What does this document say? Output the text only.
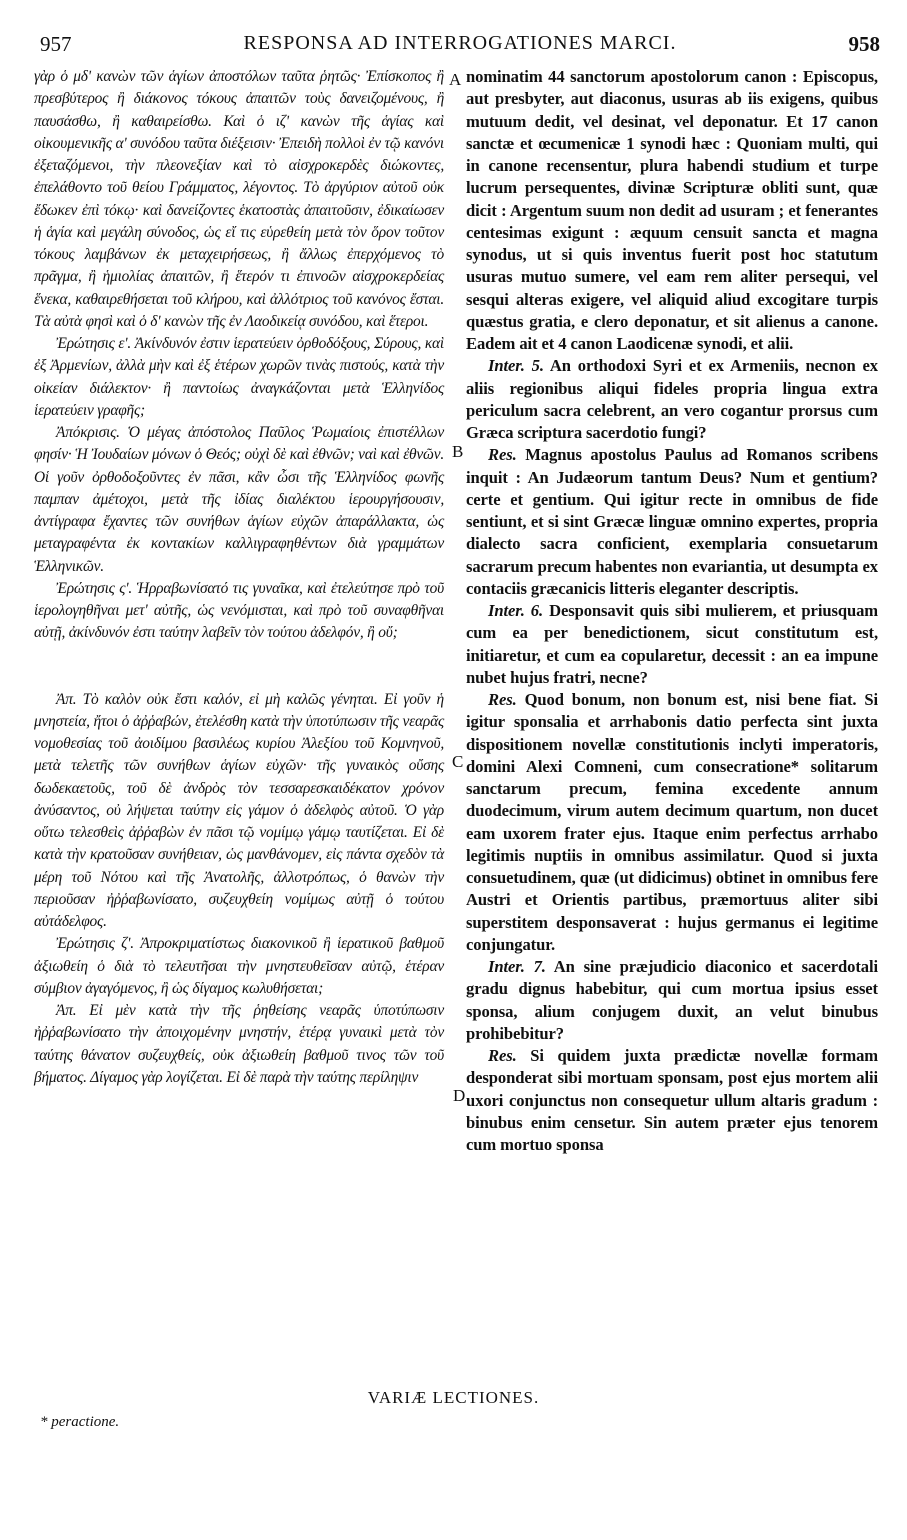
957	RESPONSA AD INTERROGATIONES MARCI.	958

γὰρ ὁ μδʹ κανὼν τῶν ἁγίων ἀποστόλων ταῦτα ῥητῶς· Ἐπίσκοπος ἢ πρεσβύτερος ἢ διάκονος τόκους ἀπαιτῶν τοὺς δανειζομένους, ἢ παυσάσθω, ἢ καθαιρείσθω. Καὶ ὁ ιζʹ κανὼν τῆς ἁγίας καὶ οἰκουμενικῆς αʹ συνόδου ταῦτα διέξεισιν· Ἐπειδὴ πολλοὶ ἐν τῷ κανόνι ἐξεταζόμενοι, τὴν πλεονεξίαν καὶ τὸ αἰσχροκερδὲς διώκοντες, ἐπελάθοντο τοῦ θείου Γράμματος, λέγοντος. Τὸ ἀργύριον αὐτοῦ οὐκ ἔδωκεν ἐπὶ τόκῳ· καὶ δανείζοντες ἑκατοστὰς ἀπαιτοῦσιν, ἐδικαίωσεν ἡ ἁγία καὶ μεγάλη σύνοδος, ὡς εἴ τις εὑρεθείη μετὰ τὸν ὅρον τοῦτον τόκους λαμβάνων ἐκ μεταχειρήσεως, ἢ ἄλλως ἐπερχόμενος τὸ πρᾶγμα, ἢ ἡμιολίας ἀπαιτῶν, ἢ ἕτερόν τι ἐπινοῶν αἰσχροκερδείας ἕνεκα, καθαιρεθήσεται τοῦ κλήρου, καὶ ἀλλότριος τοῦ κανόνος ἔσται. Τὰ αὐτὰ φησὶ καὶ ὁ δʹ κανὼν τῆς ἐν Λαοδικείᾳ συνόδου, καὶ ἕτεροι.

Ἐρώτησις εʹ. Ἀκίνδυνόν ἐστιν ἱερατεύειν ὀρθοδόξους, Σύρους, καὶ ἐξ Ἀρμενίων, ἀλλὰ μὴν καὶ ἐξ ἑτέρων χωρῶν τινὰς πιστούς, κατὰ τὴν οἰκείαν διάλεκτον· ἢ παντοίως ἀναγκάζονται μετὰ Ἑλληνίδος ἱερατεύειν γραφῆς;

Ἀπόκρισις. Ὁ μέγας ἀπόστολος Παῦλος Ῥωμαίοις ἐπιστέλλων φησίν· Ἡ Ἰουδαίων μόνων ὁ Θεός; οὐχὶ δὲ καὶ ἐθνῶν; ναὶ καὶ ἐθνῶν. Οἱ γοῦν ὀρθοδοξοῦντες ἐν πᾶσι, κἂν ὦσι τῆς Ἑλληνίδος φωνῆς παμπαν ἀμέτοχοι, μετὰ τῆς ἰδίας διαλέκτου ἱερουργήσουσιν, ἀντίγραφα ἔχαντες τῶν συνήθων ἁγίων εὐχῶν ἀπαράλλακτα, ὡς μεταγραφέντα ἐκ κοντακίων καλλιγραφηθέντων διὰ γραμμάτων Ἑλληνικῶν.

Ἐρώτησις ςʹ. Ἡρραβωνίσατό τις γυναῖκα, καὶ ἐτελεύτησε πρὸ τοῦ ἱερολογηθῆναι μετ' αὐτῆς, ὡς νενόμισται, καὶ πρὸ τοῦ συναφθῆναι αὐτῇ, ἀκίνδυνόν ἐστι ταύτην λαβεῖν τὸν τούτου ἀδελφόν, ἢ οὔ;

Ἀπ. Τὸ καλὸν οὐκ ἔστι καλόν, εἰ μὴ καλῶς γένηται. Εἰ γοῦν ἡ μνηστεία, ἤτοι ὁ ἀῤῥαβών, ἐτελέσθη κατὰ τὴν ὑποτύπωσιν τῆς νεαρᾶς νομοθεσίας τοῦ ἀοιδίμου βασιλέως κυρίου Ἀλεξίου τοῦ Κομνηνοῦ, μετὰ τελετῆς τῶν συνήθων ἁγίων εὐχῶν· τῆς γυναικὸς οὔσης δωδεκαετοῦς, τοῦ δὲ ἀνδρὸς τὸν τεσσαρεσκαιδέκατον χρόνον ἀνύσαντος, οὐ λήψεται ταύτην εἰς γάμον ὁ ἀδελφὸς αὐτοῦ. Ὁ γὰρ οὕτω τελεσθεὶς ἀῤῥαβὼν ἐν πᾶσι τῷ νομίμῳ γάμῳ ταυτίζεται. Εἰ δὲ κατὰ τὴν κρατοῦσαν συνήθειαν, ὡς μανθάνομεν, εἰς πάντα σχεδὸν τὰ μέρη τοῦ Νότου καὶ τῆς Ἀνατολῆς, ἀλλοτρόπως, ὁ θανὼν τὴν περιοῦσαν ἠῤῥαβωνίσατο, συζευχθείη νομίμως αὐτῇ ὁ τούτου αὐτάδελφος.

Ἐρώτησις ζʹ. Ἀπροκριματίστως διακονικοῦ ἢ ἱερατικοῦ βαθμοῦ ἀξιωθείη ὁ διὰ τὸ τελευτῆσαι τὴν μνηστευθεῖσαν αὐτῷ, ἑτέραν σύμβιον ἀγαγόμενος, ἢ ὡς δίγαμος κωλυθήσεται;

Ἀπ. Εἰ μὲν κατὰ τὴν τῆς ῥηθείσης νεαρᾶς ὑποτύπωσιν ἠῤῥαβωνίσατο τὴν ἀποιχομένην μνηστήν, ἑτέρᾳ γυναικὶ μετὰ τὸν ταύτης θάνατον συζευχθείς, οὐκ ἀξιωθείη βαθμοῦ τινος τῶν τοῦ βήματος. Δίγαμος γὰρ λογίζεται. Εἰ δὲ παρὰ τὴν ταύτης περίληψιν

A
B
C
D

nominatim 44 sanctorum apostolorum canon : Episcopus, aut presbyter, aut diaconus, usuras ab iis exigens, quibus mutuum dedit, vel desinat, vel deponatur. Et 17 canon sanctæ et œcumenicæ 1 synodi hæc : Quoniam multi, qui in canone recensentur, plura habendi studium et turpe lucrum persequentes, divinæ Scripturæ obliti sunt, quæ dicit : Argentum suum non dedit ad usuram ; et fenerantes centesimas exigunt : æquum censuit sancta et magna synodus, ut si quis inventus fuerit post hoc statutum usuras mutuo sumere, vel eam rem aliter persequi, vel sesqui alteras exigere, vel aliquid aliud excogitare turpis quæstus gratia, e clero deponatur, et sit alienus a canone. Eadem ait et 4 canon Laodicenæ synodi, et alii.

Inter. 5. An orthodoxi Syri et ex Armeniis, necnon ex aliis regionibus aliqui fideles propria lingua extra periculum sacra celebrent, an vero cogantur prorsus cum Græca scriptura sacerdotio fungi?

Res. Magnus apostolus Paulus ad Romanos scribens inquit : An Judæorum tantum Deus? Num et gentium? certe et gentium. Qui igitur recte in omnibus de fide sentiunt, et si sint Græcæ linguæ omnino expertes, propria dialecto sacra conficient, exemplaria consuetarum sacrarum precum habentes non evariantia, ut desumpta ex contaciis græcanicis litteris eleganter descriptis.

Inter. 6. Desponsavit quis sibi mulierem, et priusquam cum ea per benedictionem, sicut constitutum est, initiaretur, et cum ea copularetur, decessit : an ea impune nubet hujus fratri, necne?

Res. Quod bonum, non bonum est, nisi bene fiat. Si igitur sponsalia et arrhabonis datio perfecta sint juxta dispositionem novellæ constitutionis inclyti imperatoris, domini Alexi Comneni, cum consecratione* solitarum sanctarum precum, femina excedente annum duodecimum, virum autem decimum quartum, non ducet eam uxorem frater ejus. Itaque enim perfectus arrhabo legitimis nuptiis in omnibus assimilatur. Quod si juxta consuetudinem, quæ (ut didicimus) obtinet in omnibus fere Austri et Orientis partibus, præmortuus aliter sibi superstitem desponsaverat : hujus germanus ei legitime conjungatur.

Inter. 7. An sine præjudicio diaconico et sacerdotali gradu dignus habebitur, qui cum mortua ipsius esset sponsa, alium conjugem duxit, an velut binubus prohibebitur?

Res. Si quidem juxta prædictæ novellæ formam desponderat sibi mortuam sponsam, post ejus mortem alii uxori conjunctus non consequetur ullum altaris gradum : binubus enim censetur. Sin autem præter ejus tenorem cum mortuo sponsa

VARIÆ LECTIONES.
* peractione.
